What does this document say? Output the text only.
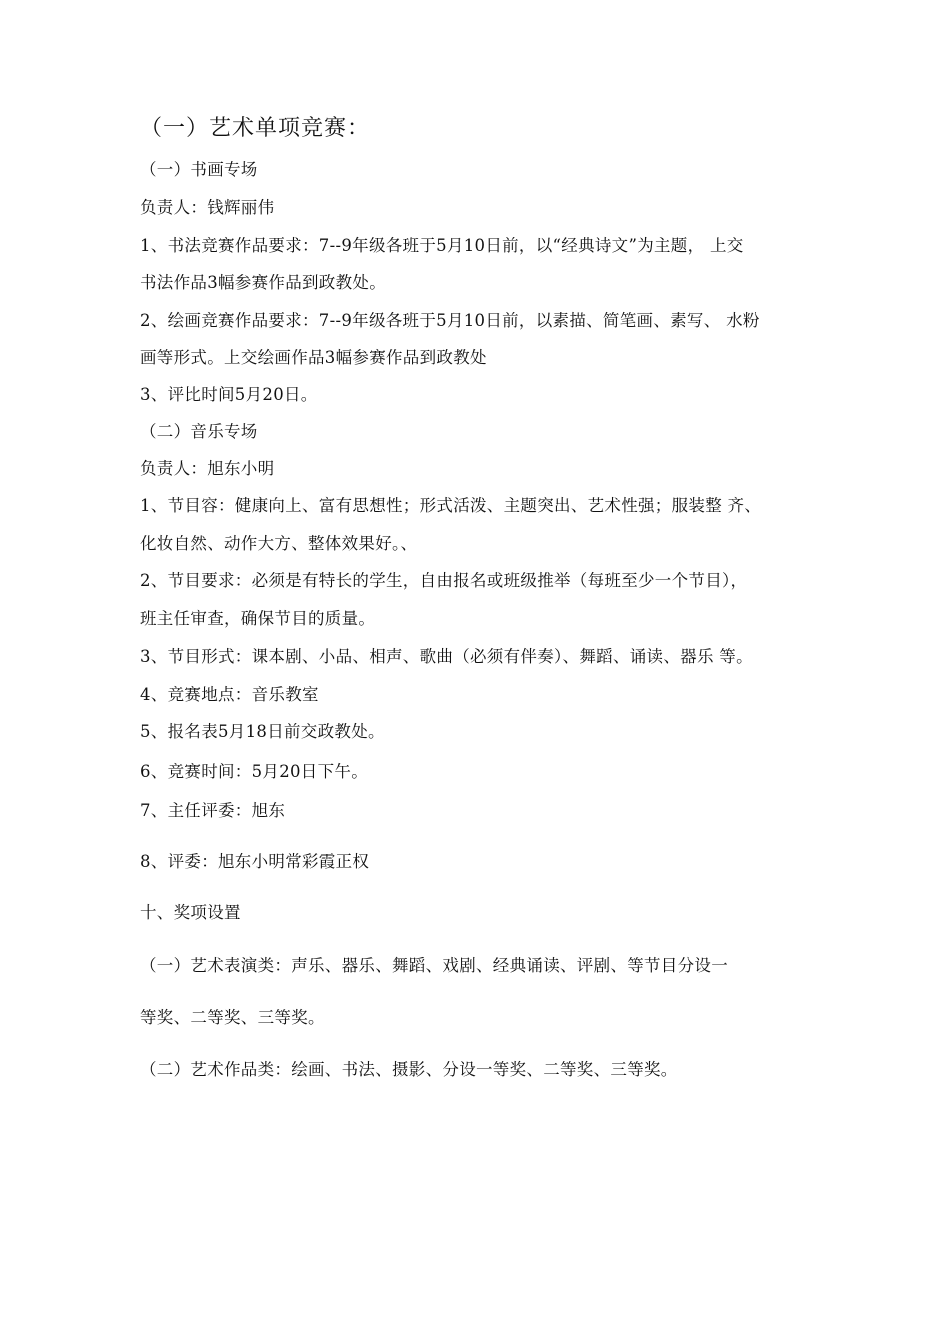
（一）艺术单项竞赛：
（一）书画专场
负责人：钱辉丽伟
1、书法竞赛作品要求：7--9年级各班于5月10日前，以“经典诗文”为主题， 上交
书法作品3幅参赛作品到政教处。
2、绘画竞赛作品要求：7--9年级各班于5月10日前，以素描、简笔画、素写、 水粉
画等形式。上交绘画作品3幅参赛作品到政教处
3、评比时间5月20日。
（二）音乐专场
负责人：旭东小明
1、节目容：健康向上、富有思想性；形式活泼、主题突出、艺术性强；服装整 齐、
化妆自然、动作大方、整体效果好。、
2、节目要求：必须是有特长的学生，自由报名或班级推举（每班至少一个节目），
班主任审查，确保节目的质量。
3、节目形式：课本剧、小品、相声、歌曲（必须有伴奏）、舞蹈、诵读、器乐 等。
4、竞赛地点：音乐教室
5、报名表5月18日前交政教处。
6、竞赛时间：5月20日下午。
7、主任评委：旭东
8、评委：旭东小明常彩霞正权
十、奖项设置
（一）艺术表演类：声乐、器乐、舞蹈、戏剧、经典诵读、评剧、等节目分设一
等奖、二等奖、三等奖。
（二）艺术作品类：绘画、书法、摄影、分设一等奖、二等奖、三等奖。
